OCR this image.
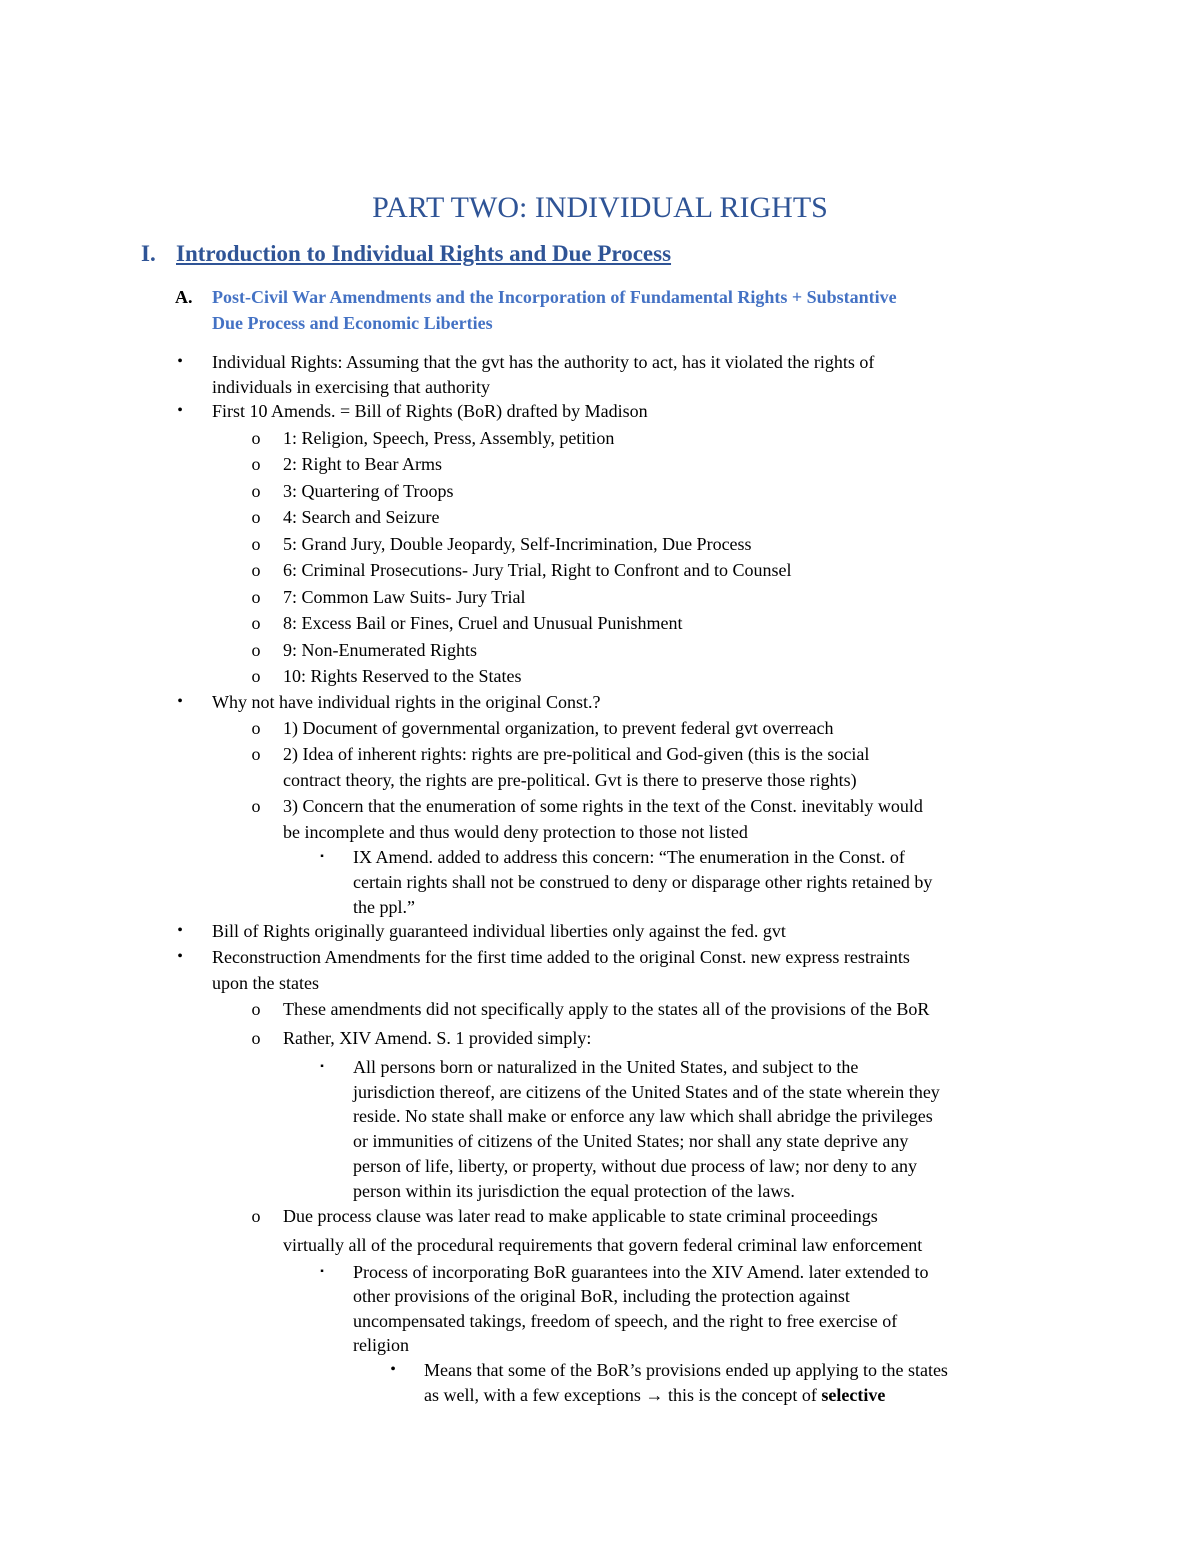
PART TWO: INDIVIDUAL RIGHTS
I. Introduction to Individual Rights and Due Process
A. Post-Civil War Amendments and the Incorporation of Fundamental Rights + Substantive
Due Process and Economic Liberties
•
•
o
o
o
o
o
o
o
o
o
o
•
o
o
o
▪
•
•
o
o
▪
o
▪
•
Individual Rights: Assuming that the gvt has the authority to act, has it violated the rights of
individuals in exercising that authority
First 10 Amends. = Bill of Rights (BoR) drafted by Madison
1: Religion, Speech, Press, Assembly, petition
2: Right to Bear Arms
3: Quartering of Troops
4: Search and Seizure
5: Grand Jury, Double Jeopardy, Self-Incrimination, Due Process
6: Criminal Prosecutions- Jury Trial, Right to Confront and to Counsel
7: Common Law Suits- Jury Trial
8: Excess Bail or Fines, Cruel and Unusual Punishment
9: Non-Enumerated Rights
10: Rights Reserved to the States
Why not have individual rights in the original Const.?
1) Document of governmental organization, to prevent federal gvt overreach
2) Idea of inherent rights: rights are pre-political and God-given (this is the social
contract theory, the rights are pre-political. Gvt is there to preserve those rights)
3) Concern that the enumeration of some rights in the text of the Const. inevitably would
be incomplete and thus would deny protection to those not listed
IX Amend. added to address this concern: “The enumeration in the Const. of
certain rights shall not be construed to deny or disparage other rights retained by
the ppl.”
Bill of Rights originally guaranteed individual liberties only against the fed. gvt
Reconstruction Amendments for the first time added to the original Const. new express restraints
upon the states
These amendments did not specifically apply to the states all of the provisions of the BoR
Rather, XIV Amend. S. 1 provided simply:
All persons born or naturalized in the United States, and subject to the
jurisdiction thereof, are citizens of the United States and of the state wherein they
reside. No state shall make or enforce any law which shall abridge the privileges
or immunities of citizens of the United States; nor shall any state deprive any
person of life, liberty, or property, without due process of law; nor deny to any
person within its jurisdiction the equal protection of the laws.
Due process clause was later read to make applicable to state criminal proceedings
virtually all of the procedural requirements that govern federal criminal law enforcement
Process of incorporating BoR guarantees into the XIV Amend. later extended to
other provisions of the original BoR, including the protection against
uncompensated takings, freedom of speech, and the right to free exercise of
religion
Means that some of the BoR’s provisions ended up applying to the states
as well, with a few exceptions → this is the concept of selective
